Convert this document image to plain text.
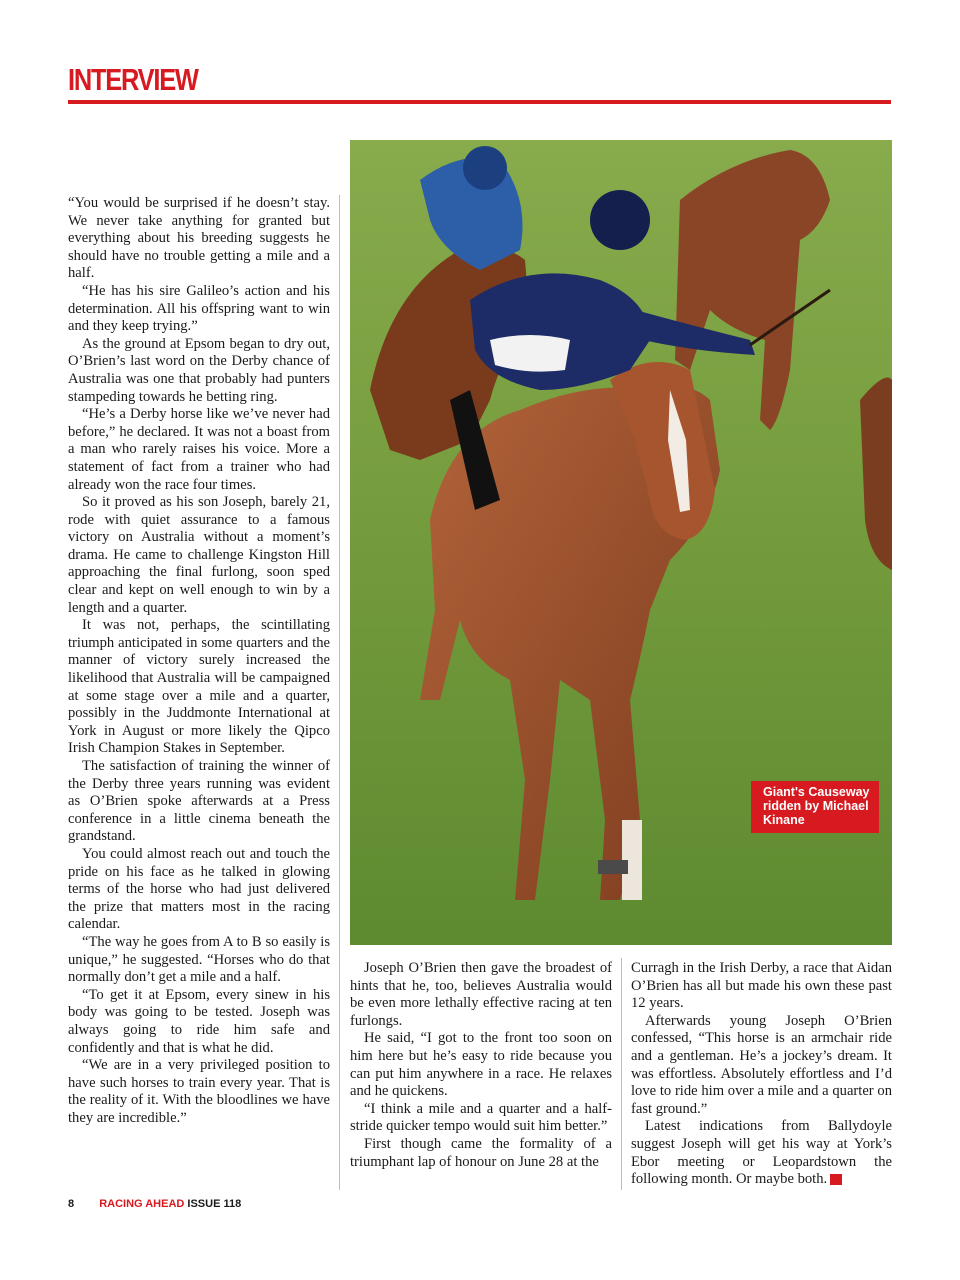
INTERVIEW

“You would be surprised if he doesn’t stay. We never take anything for granted but everything about his breeding suggests he should have no trouble getting a mile and a half.

“He has his sire Galileo’s action and his determination. All his offspring want to win and they keep trying.”

As the ground at Epsom began to dry out, O’Brien’s last word on the Derby chance of Australia was one that probably had punters stampeding towards he betting ring.

“He’s a Derby horse like we’ve never had before,” he declared. It was not a boast from a man who rarely raises his voice. More a statement of fact from a trainer who had already won the race four times.

So it proved as his son Joseph, barely 21, rode with quiet assurance to a famous victory on Australia without a moment’s drama. He came to challenge Kingston Hill approaching the final furlong, soon sped clear and kept on well enough to win by a length and a quarter.

It was not, perhaps, the scintillating triumph anticipated in some quarters and the manner of victory surely increased the likelihood that Australia will be campaigned at some stage over a mile and a quarter, possibly in the Juddmonte International at York in August or more likely the Qipco Irish Champion Stakes in September.

The satisfaction of training the winner of the Derby three years running was evident as O’Brien spoke afterwards at a Press conference in a little cinema beneath the grandstand.

You could almost reach out and touch the pride on his face as he talked in glowing terms of the horse who had just delivered the prize that matters most in the racing calendar.

“The way he goes from A to B so easily is unique,” he suggested. “Horses who do that normally don’t get a mile and a half.

“To get it at Epsom, every sinew in his body was going to be tested. Joseph was always going to ride him safe and confidently and that is what he did.

“We are in a very privileged position to have such horses to train every year. That is the reality of it. With the bloodlines we have they are incredible.”

Giant's Causeway ridden by Michael Kinane

Joseph O’Brien then gave the broadest of hints that he, too, believes Australia would be even more lethally effective racing at ten furlongs.

He said, “I got to the front too soon on him here but he’s easy to ride because you can put him anywhere in a race. He relaxes and he quickens.

“I think a mile and a quarter and a half-stride quicker tempo would suit him better.”

First though came the formality of a triumphant lap of honour on June 28 at the

Curragh in the Irish Derby, a race that Aidan O’Brien has all but made his own these past 12 years.

Afterwards young Joseph O’Brien confessed, “This horse is an armchair ride and a gentleman. He’s a jockey’s dream. It was effortless. Absolutely effortless and I’d love to ride him over a mile and a quarter on fast ground.”

Latest indications from Ballydoyle suggest Joseph will get his way at York’s Ebor meeting or Leopardstown the following month. Or maybe both. RA

8 RACING AHEAD ISSUE 118
